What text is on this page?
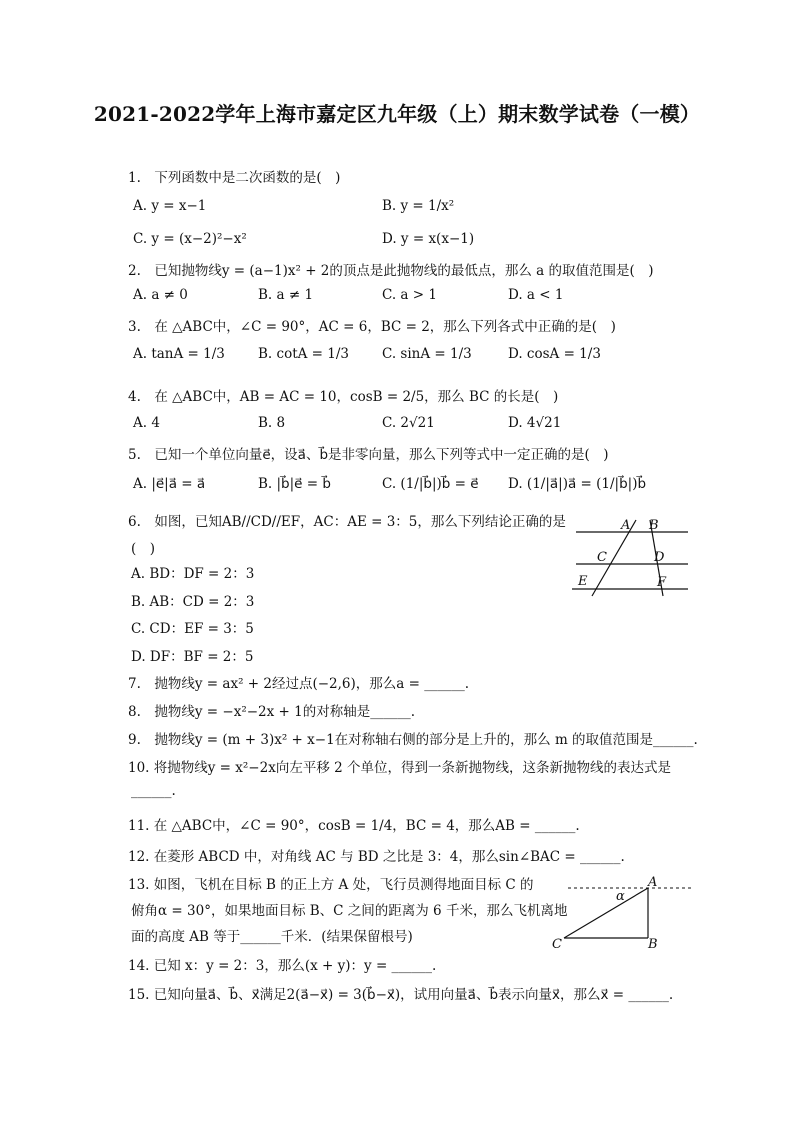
2021-2022学年上海市嘉定区九年级（上）期末数学试卷（一模）
1.　下列函数中是二次函数的是(　)
A. y = x−1	B. y = 1/x²
C. y = (x−2)²−x²	D. y = x(x−1)
2.　已知抛物线y = (a−1)x² + 2的顶点是此抛物线的最低点，那么 a 的取值范围是(　)
A. a ≠ 0	B. a ≠ 1	C. a > 1	D. a < 1
3.　在 △ABC中，∠C = 90°，AC = 6，BC = 2，那么下列各式中正确的是(　)
A. tanA = 1/3 B. cotA = 1/3 C. sinA = 1/3	D. cosA = 1/3
4.　在 △ABC中，AB = AC = 10，cosB = 2/5，那么 BC 的长是(　)
A. 4	B. 8	C. 2√21	D. 4√21
5.　已知一个单位向量e⃗，设a⃗、b⃗是非零向量，那么下列等式中一定正确的是(　)
A. |e⃗|a⃗ = a⃗	B. |b⃗|e⃗ = b⃗	C. (1/|b⃗|)b⃗ = e⃗ D. (1/|a⃗|)a⃗ = (1/|b⃗|)b⃗
6.　如图，已知AB//CD//EF，AC：AE = 3：5，那么下列结论正确的是
(　)
A. BD：DF = 2：3
B. AB：CD = 2：3
C. CD：EF = 3：5
D. DF：BF = 2：5
A B
C	D
E	F
7.　抛物线y = ax² + 2经过点(−2,6)，那么a = ______.
8.　抛物线y = −x²−2x + 1的对称轴是______.
9.　抛物线y = (m + 3)x² + x−1在对称轴右侧的部分是上升的，那么 m 的取值范围是______.
10. 将抛物线y = x²−2x向左平移 2 个单位，得到一条新抛物线，这条新抛物线的表达式是
______.
11. 在 △ABC中，∠C = 90°，cosB = 1/4，BC = 4，那么AB = ______.
12. 在菱形 ABCD 中，对角线 AC 与 BD 之比是 3：4，那么sin∠BAC = ______.
13. 如图，飞机在目标 B 的正上方 A 处，飞行员测得地面目标 C 的
俯角α = 30°，如果地面目标 B、C 之间的距离为 6 千米，那么飞机离地
面的高度 AB 等于______千米．(结果保留根号)
A
α
C	B
14. 已知 x：y = 2：3，那么(x + y)：y = ______.
15. 已知向量a⃗、b⃗、x⃗满足2(a⃗−x⃗) = 3(b⃗−x⃗)，试用向量a⃗、b⃗表示向量x⃗，那么x⃗ = ______.
